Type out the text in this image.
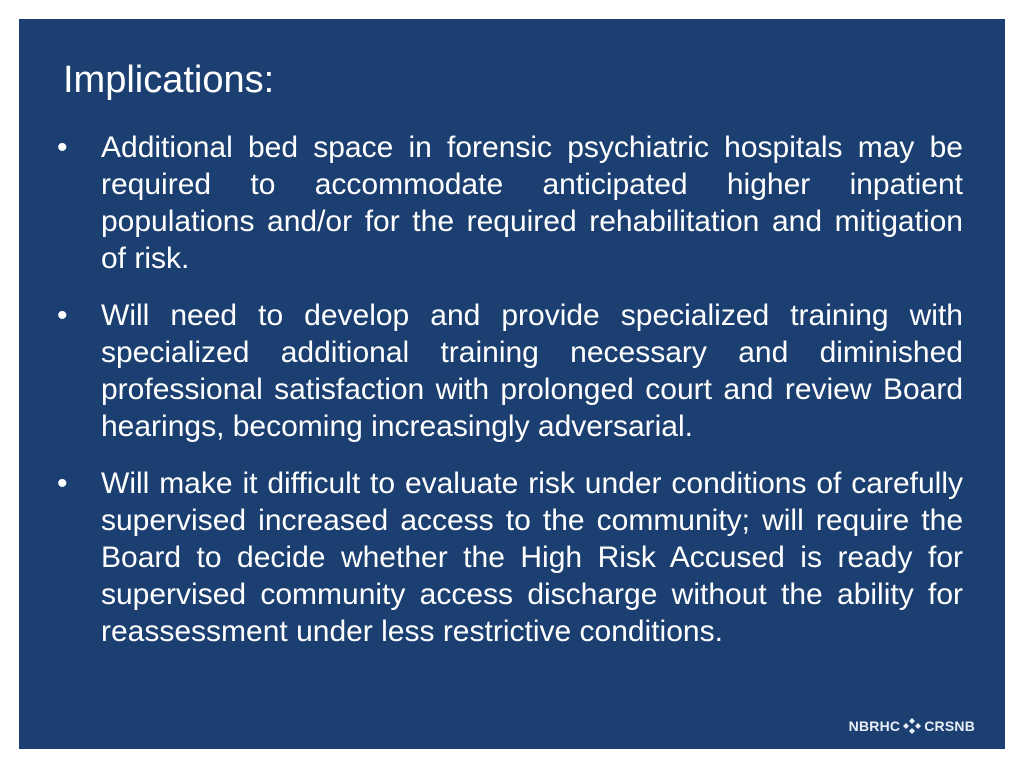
Implications:
• Additional bed space in forensic psychiatric hospitals may be required to accommodate anticipated higher inpatient populations and/or for the required rehabilitation and mitigation of risk.
• Will need to develop and provide specialized training with specialized additional training necessary and diminished professional satisfaction with prolonged court and review Board hearings, becoming increasingly adversarial.
• Will make it difficult to evaluate risk under conditions of carefully supervised increased access to the community; will require the Board to decide whether the High Risk Accused is ready for supervised community access discharge without the ability for reassessment under less restrictive conditions.
NBRHC CRSNB
